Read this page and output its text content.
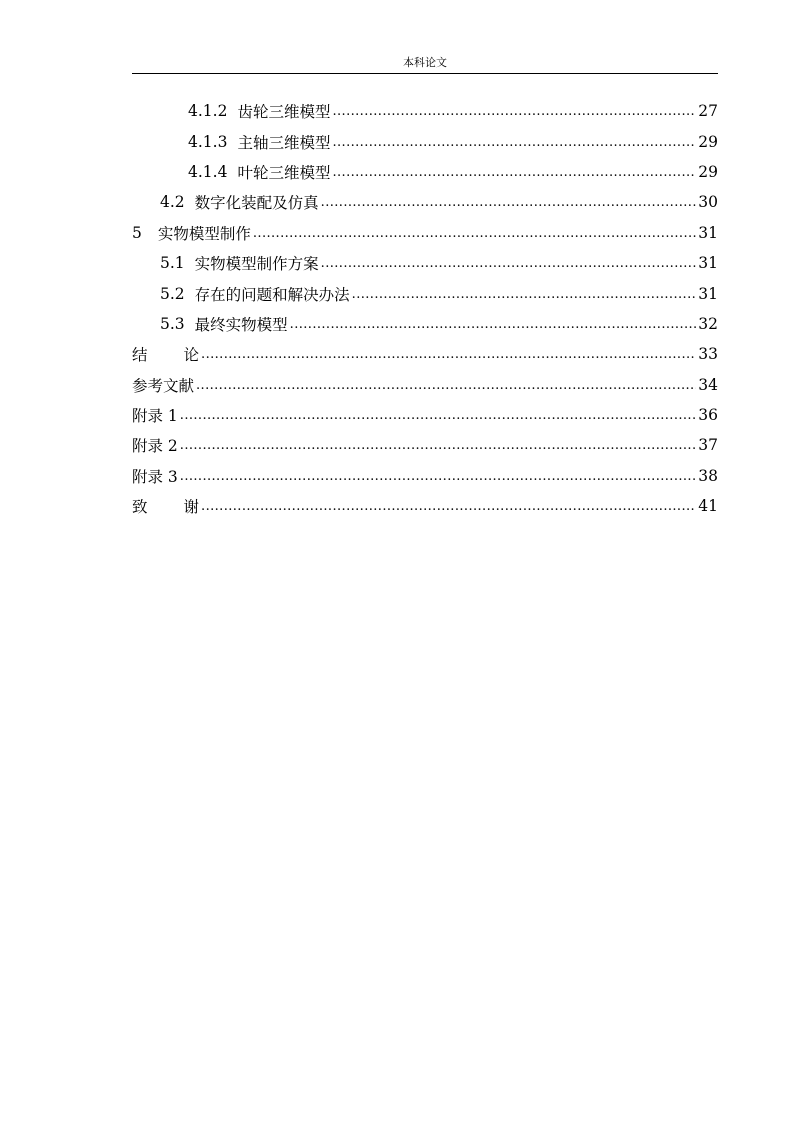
本科论文
4.1.2 齿轮三维模型 .....	27
4.1.3 主轴三维模型 .....	29
4.1.4 叶轮三维模型 .....	29
4.2 数字化装配及仿真 .....	30
5 实物模型制作 .....	31
5.1 实物模型制作方案 .....	31
5.2 存在的问题和解决办法 .....	31
5.3 最终实物模型 .....	32
结 论 .....	33
参考文献 .....	34
附录 1 .....	36
附录 2 .....	37
附录 3 .....	38
致 谢 .....	41
